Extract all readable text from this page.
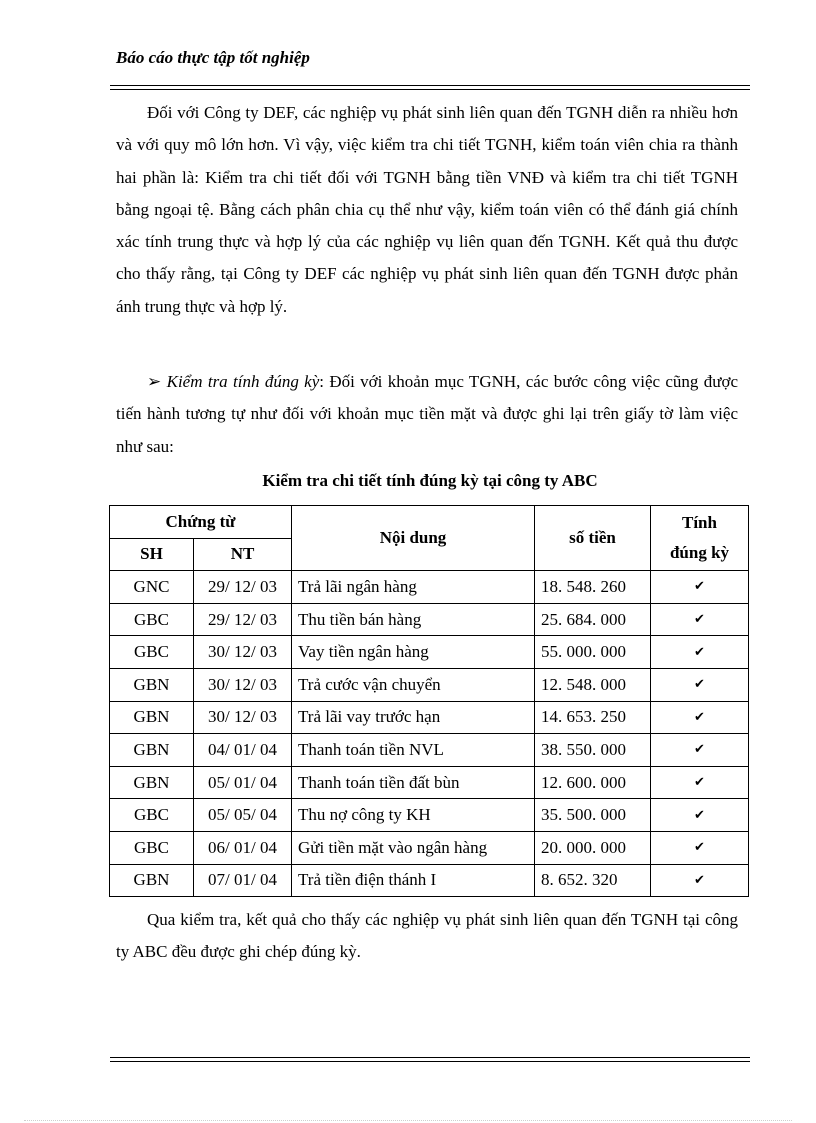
Báo cáo thực tập tốt nghiệp

Đối với Công ty DEF, các nghiệp vụ phát sinh liên quan đến TGNH diễn ra nhiều hơn và với quy mô lớn hơn. Vì vậy, việc kiểm tra chi tiết TGNH, kiểm toán viên chia ra thành hai phần là: Kiểm tra chi tiết đối với TGNH bằng tiền VNĐ và kiểm tra chi tiết TGNH bằng ngoại tệ. Bằng cách phân chia cụ thể như vậy, kiểm toán viên có thể đánh giá chính xác tính trung thực và hợp lý của các nghiệp vụ liên quan đến TGNH. Kết quả thu được cho thấy rằng, tại Công ty DEF các nghiệp vụ phát sinh liên quan đến TGNH được phản ánh trung thực và hợp lý.

➢ Kiểm tra tính đúng kỳ: Đối với khoản mục TGNH, các bước công việc cũng được tiến hành tương tự như đối với khoản mục tiền mặt và được ghi lại trên giấy tờ làm việc như sau:

Kiểm tra chi tiết tính đúng kỳ tại công ty ABC
Chứng từ		Nội dung	số tiền	Tính
đúng kỳ

SH	NT			
GNC	29/ 12/ 03	Trả lãi ngân hàng	18. 548. 260	✔
GBC	29/ 12/ 03	Thu tiền bán hàng	25. 684. 000	✔
GBC	30/ 12/ 03	Vay tiền ngân hàng	55. 000. 000	✔
GBN	30/ 12/ 03	Trả cước vận chuyển	12. 548. 000	✔
GBN	30/ 12/ 03	Trả lãi vay trước hạn	14. 653. 250	✔
GBN	04/ 01/ 04	Thanh toán tiền NVL	38. 550. 000	✔
GBN	05/ 01/ 04	Thanh toán tiền đất bùn	12. 600. 000	✔
GBC	05/ 05/ 04	Thu nợ công ty KH	35. 500. 000	✔
GBC	06/ 01/ 04	Gửi tiền mặt vào ngân hàng	20. 000. 000	✔
GBN	07/ 01/ 04	Trả tiền điện thánh I	8. 652. 320	✔

Qua kiểm tra, kết quả cho thấy các nghiệp vụ phát sinh liên quan đến TGNH tại công ty ABC đều được ghi chép đúng kỳ.
